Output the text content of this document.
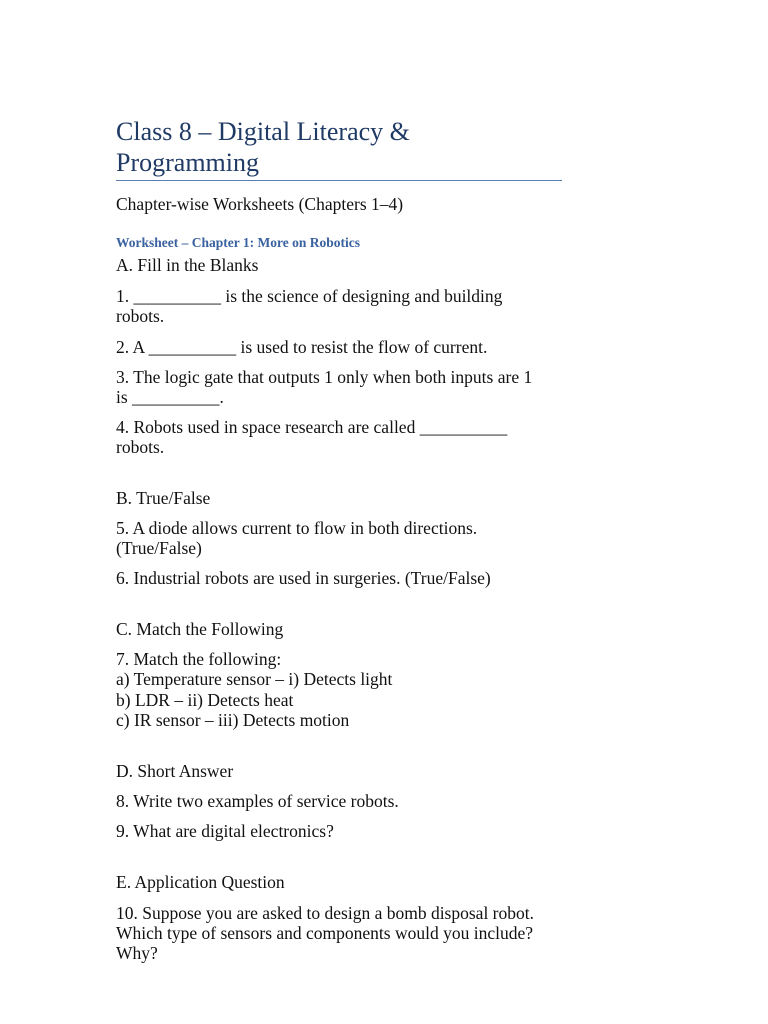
Class 8 – Digital Literacy &
Programming
Chapter-wise Worksheets (Chapters 1–4)
Worksheet – Chapter 1: More on Robotics
A. Fill in the Blanks
1. __________ is the science of designing and building
robots.
2. A __________ is used to resist the flow of current.
3. The logic gate that outputs 1 only when both inputs are 1
is __________.
4. Robots used in space research are called __________
robots.
B. True/False
5. A diode allows current to flow in both directions.
(True/False)
6. Industrial robots are used in surgeries. (True/False)
C. Match the Following
7. Match the following:
a) Temperature sensor – i) Detects light
b) LDR – ii) Detects heat
c) IR sensor – iii) Detects motion
D. Short Answer
8. Write two examples of service robots.
9. What are digital electronics?
E. Application Question
10. Suppose you are asked to design a bomb disposal robot.
Which type of sensors and components would you include?
Why?
